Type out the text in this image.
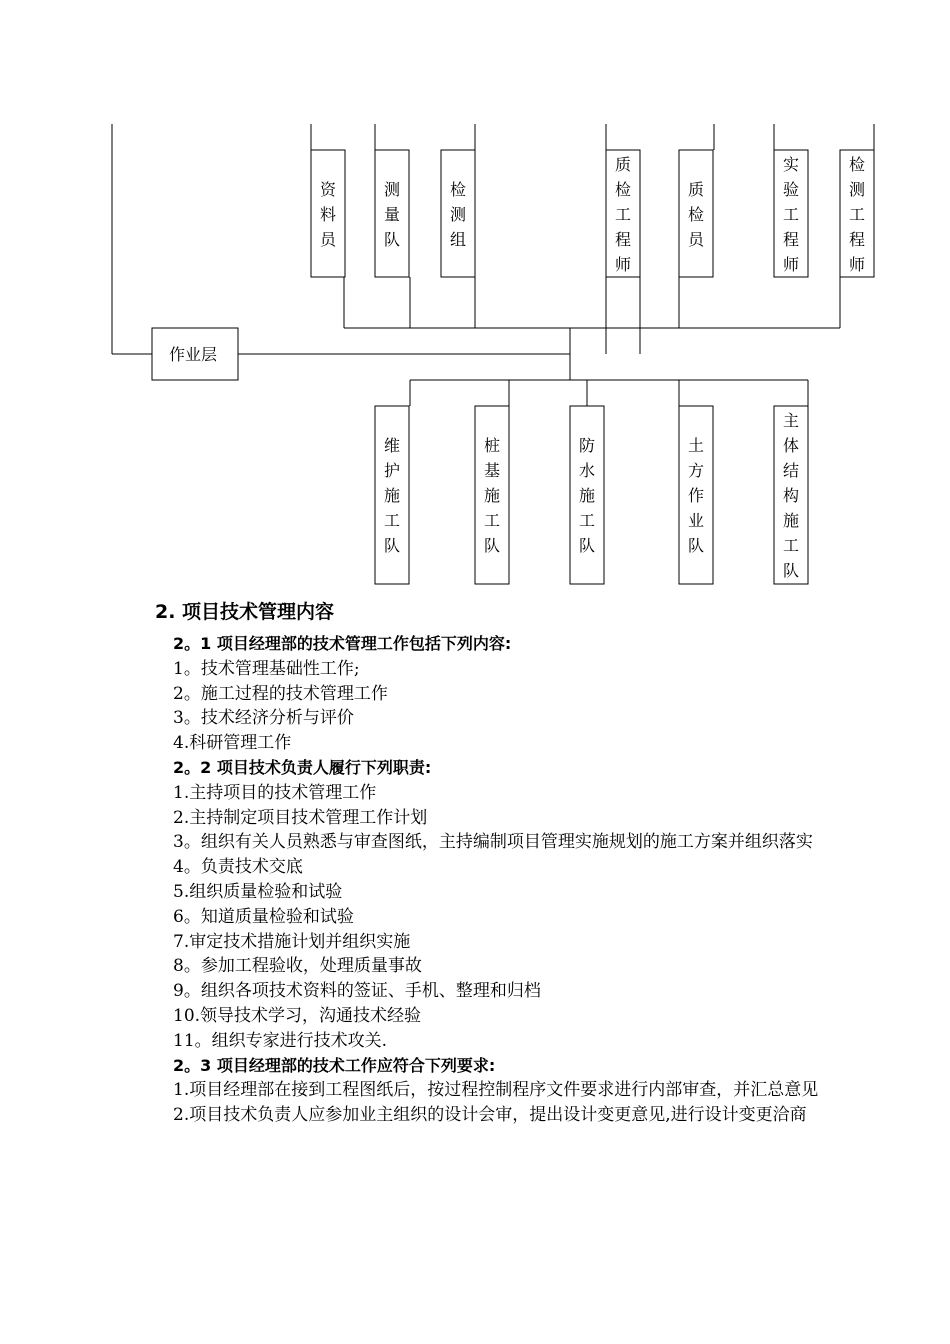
作业层
资
料
员
测
量
队
检
测
组
质
检
工
程
师
质
检
员
实
验
工
程
师
检
测
工
程
师
维
护
施
工
队
桩
基
施
工
队
防
水
施
工
队
土
方
作
业
队
主
体
结
构
施
工
队
2. 项目技术管理内容
2。1 项目经理部的技术管理工作包括下列内容:
1。技术管理基础性工作;
2。施工过程的技术管理工作
3。技术经济分析与评价
4.科研管理工作
2。2 项目技术负责人履行下列职责:
1.主持项目的技术管理工作
2.主持制定项目技术管理工作计划
3。组织有关人员熟悉与审查图纸，主持编制项目管理实施规划的施工方案并组织落实
4。负责技术交底
5.组织质量检验和试验
6。知道质量检验和试验
7.审定技术措施计划并组织实施
8。参加工程验收，处理质量事故
9。组织各项技术资料的签证、手机、整理和归档
10.领导技术学习，沟通技术经验
11。组织专家进行技术攻关.
2。3 项目经理部的技术工作应符合下列要求:
1.项目经理部在接到工程图纸后，按过程控制程序文件要求进行内部审查，并汇总意见
2.项目技术负责人应参加业主组织的设计会审，提出设计变更意见,进行设计变更洽商
